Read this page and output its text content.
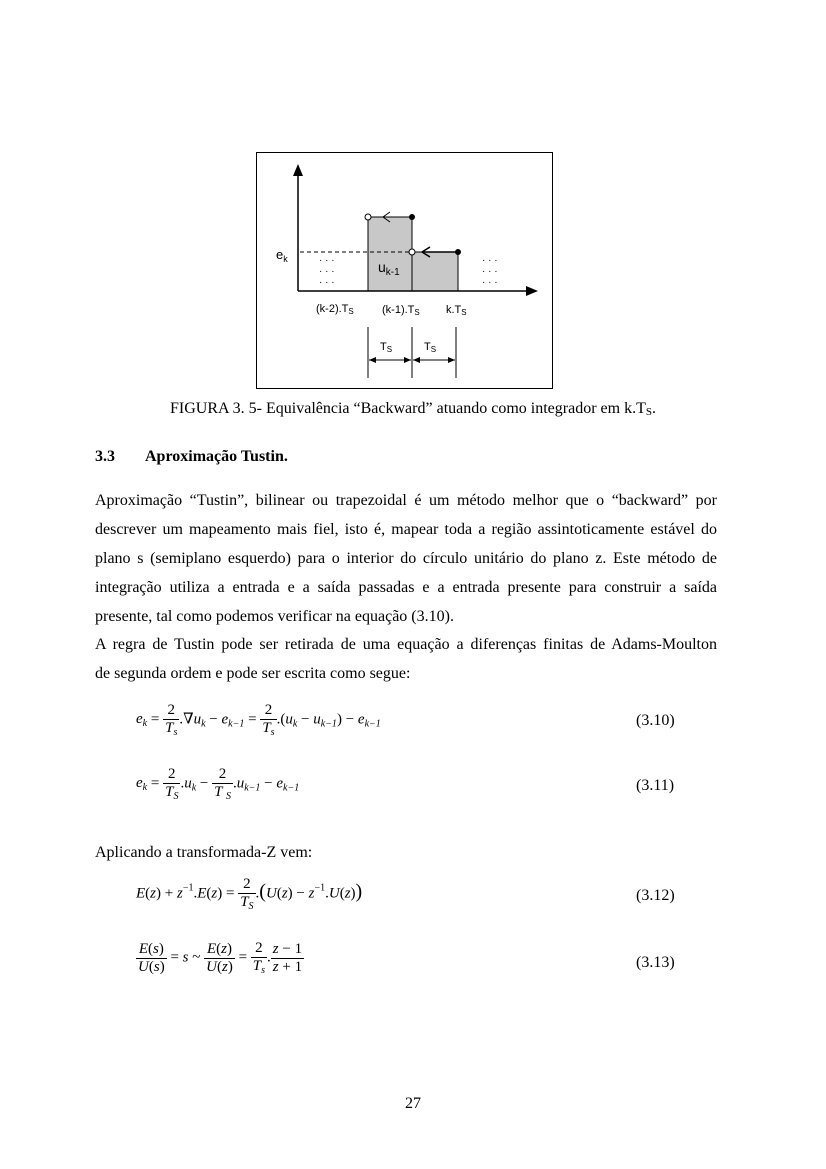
$e_k$	$u_{k-1}$
· · ·
· · ·
· · ·
· · ·
· · ·
· · ·
(k-2).TS	(k-1).TS k.TS
TS	TS
FIGURA 3. 5- Equivalência “Backward” atuando como integrador em k.TS.
3.3 Aproximação Tustin.
Aproximação “Tustin”, bilinear ou trapezoidal é um método melhor que o “backward” por
descrever um mapeamento mais fiel, isto é, mapear toda a região assintoticamente estável do
plano s (semiplano esquerdo) para o interior do círculo unitário do plano z. Este método de
integração utiliza a entrada e a saída passadas e a entrada presente para construir a saída
presente, tal como podemos verificar na equação (3.10).
A regra de Tustin pode ser retirada de uma equação a diferenças finitas de Adams-Moulton
de segunda ordem e pode ser escrita como segue:
$e_k = \frac{2}{T_s} .\nabla u_k - e_{k-1} = \frac{2}{T_s} .(u_k - u_{k-1}) - e_{k-1}$	(3.10)
$e_k = \frac{2}{T_S} .u_k - \frac{2}{T _S} .u_{k-1} - e_{k-1}$	(3.11)
Aplicando a transformada-Z vem:
$E(z) + z^{-1}.E(z) = \frac{2}{T_S} .(U(z) - z^{-1}.U(z))$	(3.12)
$\frac{E(s)}{U(s)} = s$ ~ $\frac{E(z)}{U(z)} = \frac{2}{T_s}$ . $\frac{z - 1}{z + 1}$	(3.13)
27
